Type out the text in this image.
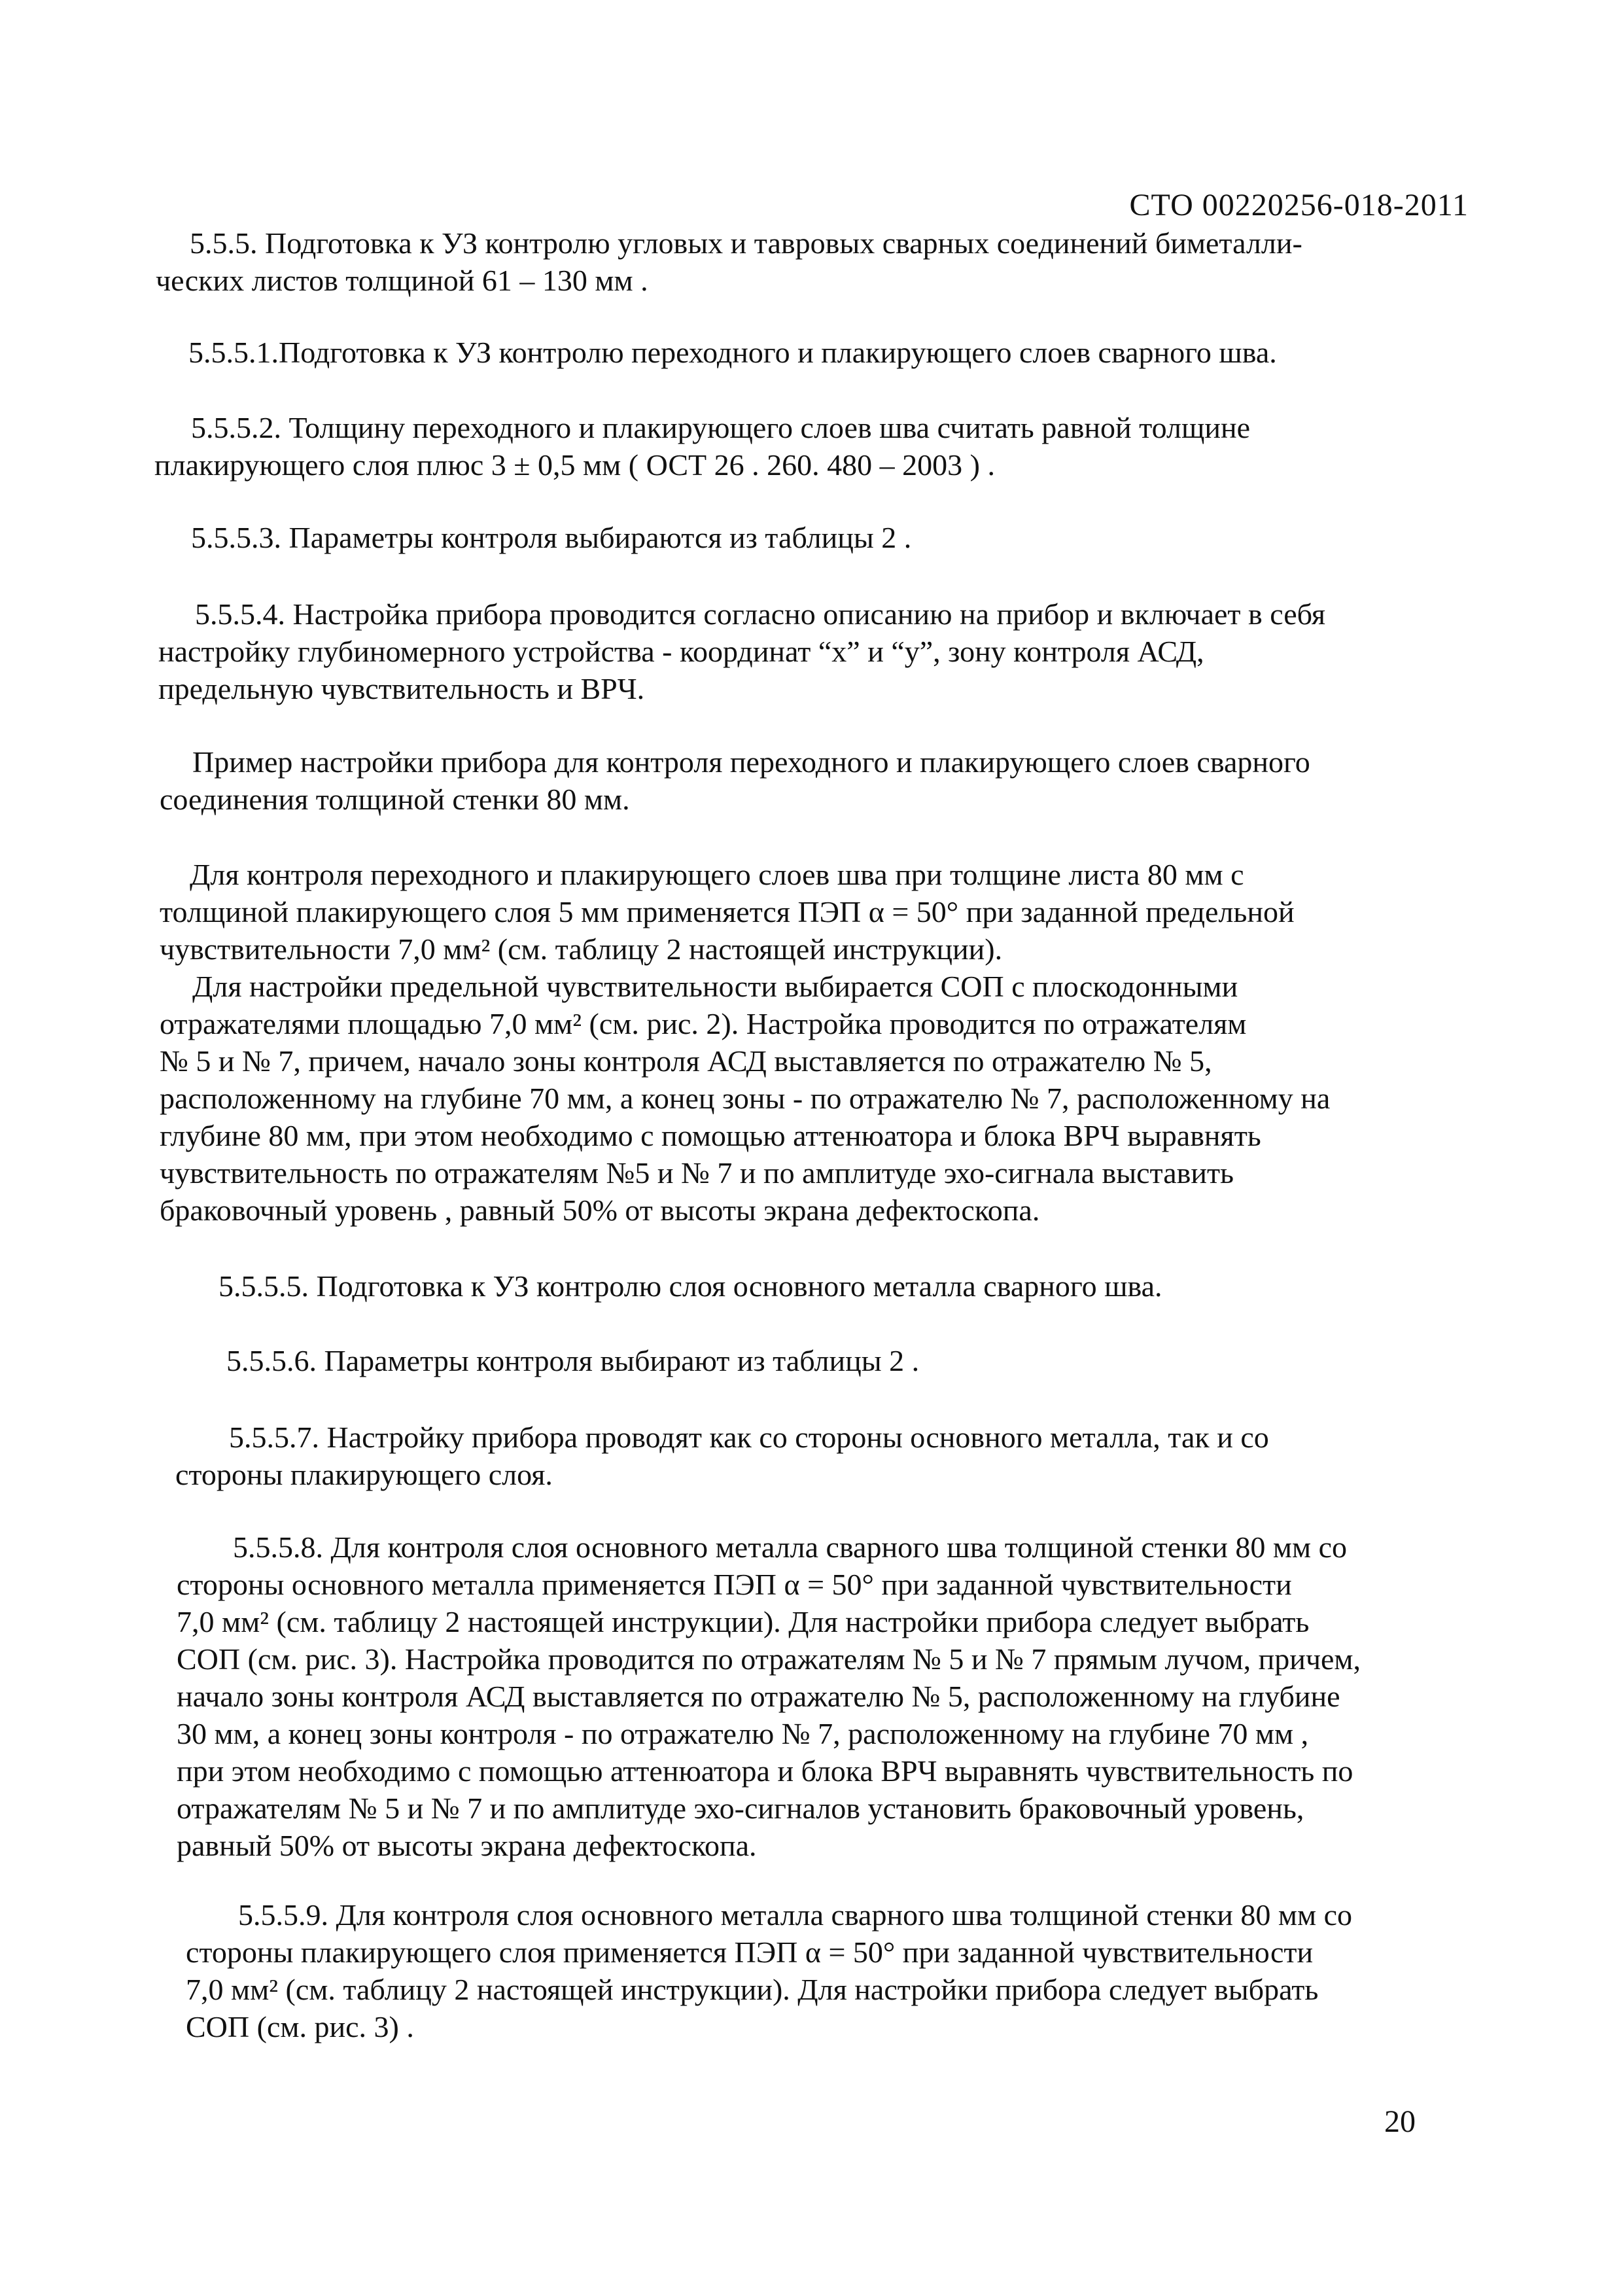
СТО 00220256-018-2011
5.5.5. Подготовка к УЗ контролю угловых и тавровых сварных соединений биметалли-
ческих листов толщиной 61 – 130 мм .
5.5.5.1.Подготовка к УЗ контролю переходного и плакирующего слоев сварного шва.
5.5.5.2. Толщину переходного и плакирующего слоев шва считать равной толщине
плакирующего слоя плюс 3 ± 0,5 мм ( ОСТ 26 . 260. 480 – 2003 ) .
5.5.5.3. Параметры контроля выбираются из таблицы 2 .
5.5.5.4. Настройка прибора проводится согласно описанию на прибор и включает в себя
настройку глубиномерного устройства - координат “x” и “y”, зону контроля АСД,
предельную чувствительность и ВРЧ.
Пример настройки прибора для контроля переходного и плакирующего слоев сварного
соединения толщиной стенки 80 мм.
Для контроля переходного и плакирующего слоев шва при толщине листа 80 мм с
толщиной плакирующего слоя 5 мм применяется ПЭП α = 50° при заданной предельной
чувствительности 7,0 мм² (см. таблицу 2 настоящей инструкции).
Для настройки предельной чувствительности выбирается СОП с плоскодонными
отражателями площадью 7,0 мм² (см. рис. 2). Настройка проводится по отражателям
№ 5 и № 7, причем, начало зоны контроля АСД выставляется по отражателю № 5,
расположенному на глубине 70 мм, а конец зоны - по отражателю № 7, расположенному на
глубине 80 мм, при этом необходимо с помощью аттенюатора и блока ВРЧ выравнять
чувствительность по отражателям №5 и № 7 и по амплитуде эхо-сигнала выставить
браковочный уровень , равный 50% от высоты экрана дефектоскопа.
5.5.5.5. Подготовка к УЗ контролю слоя основного металла сварного шва.
5.5.5.6. Параметры контроля выбирают из таблицы 2 .
5.5.5.7. Настройку прибора проводят как со стороны основного металла, так и со
стороны плакирующего слоя.
5.5.5.8. Для контроля слоя основного металла сварного шва толщиной стенки 80 мм со
стороны основного металла применяется ПЭП α = 50° при заданной чувствительности
7,0 мм² (см. таблицу 2 настоящей инструкции). Для настройки прибора следует выбрать
СОП (см. рис. 3). Настройка проводится по отражателям № 5 и № 7 прямым лучом, причем,
начало зоны контроля АСД выставляется по отражателю № 5, расположенному на глубине
30 мм, а конец зоны контроля - по отражателю № 7, расположенному на глубине 70 мм ,
при этом необходимо с помощью аттенюатора и блока ВРЧ выравнять чувствительность по
отражателям № 5 и № 7 и по амплитуде эхо-сигналов установить браковочный уровень,
равный 50% от высоты экрана дефектоскопа.
5.5.5.9. Для контроля слоя основного металла сварного шва толщиной стенки 80 мм со
стороны плакирующего слоя применяется ПЭП α = 50° при заданной чувствительности
7,0 мм² (см. таблицу 2 настоящей инструкции). Для настройки прибора следует выбрать
СОП (см. рис. 3) .
20
